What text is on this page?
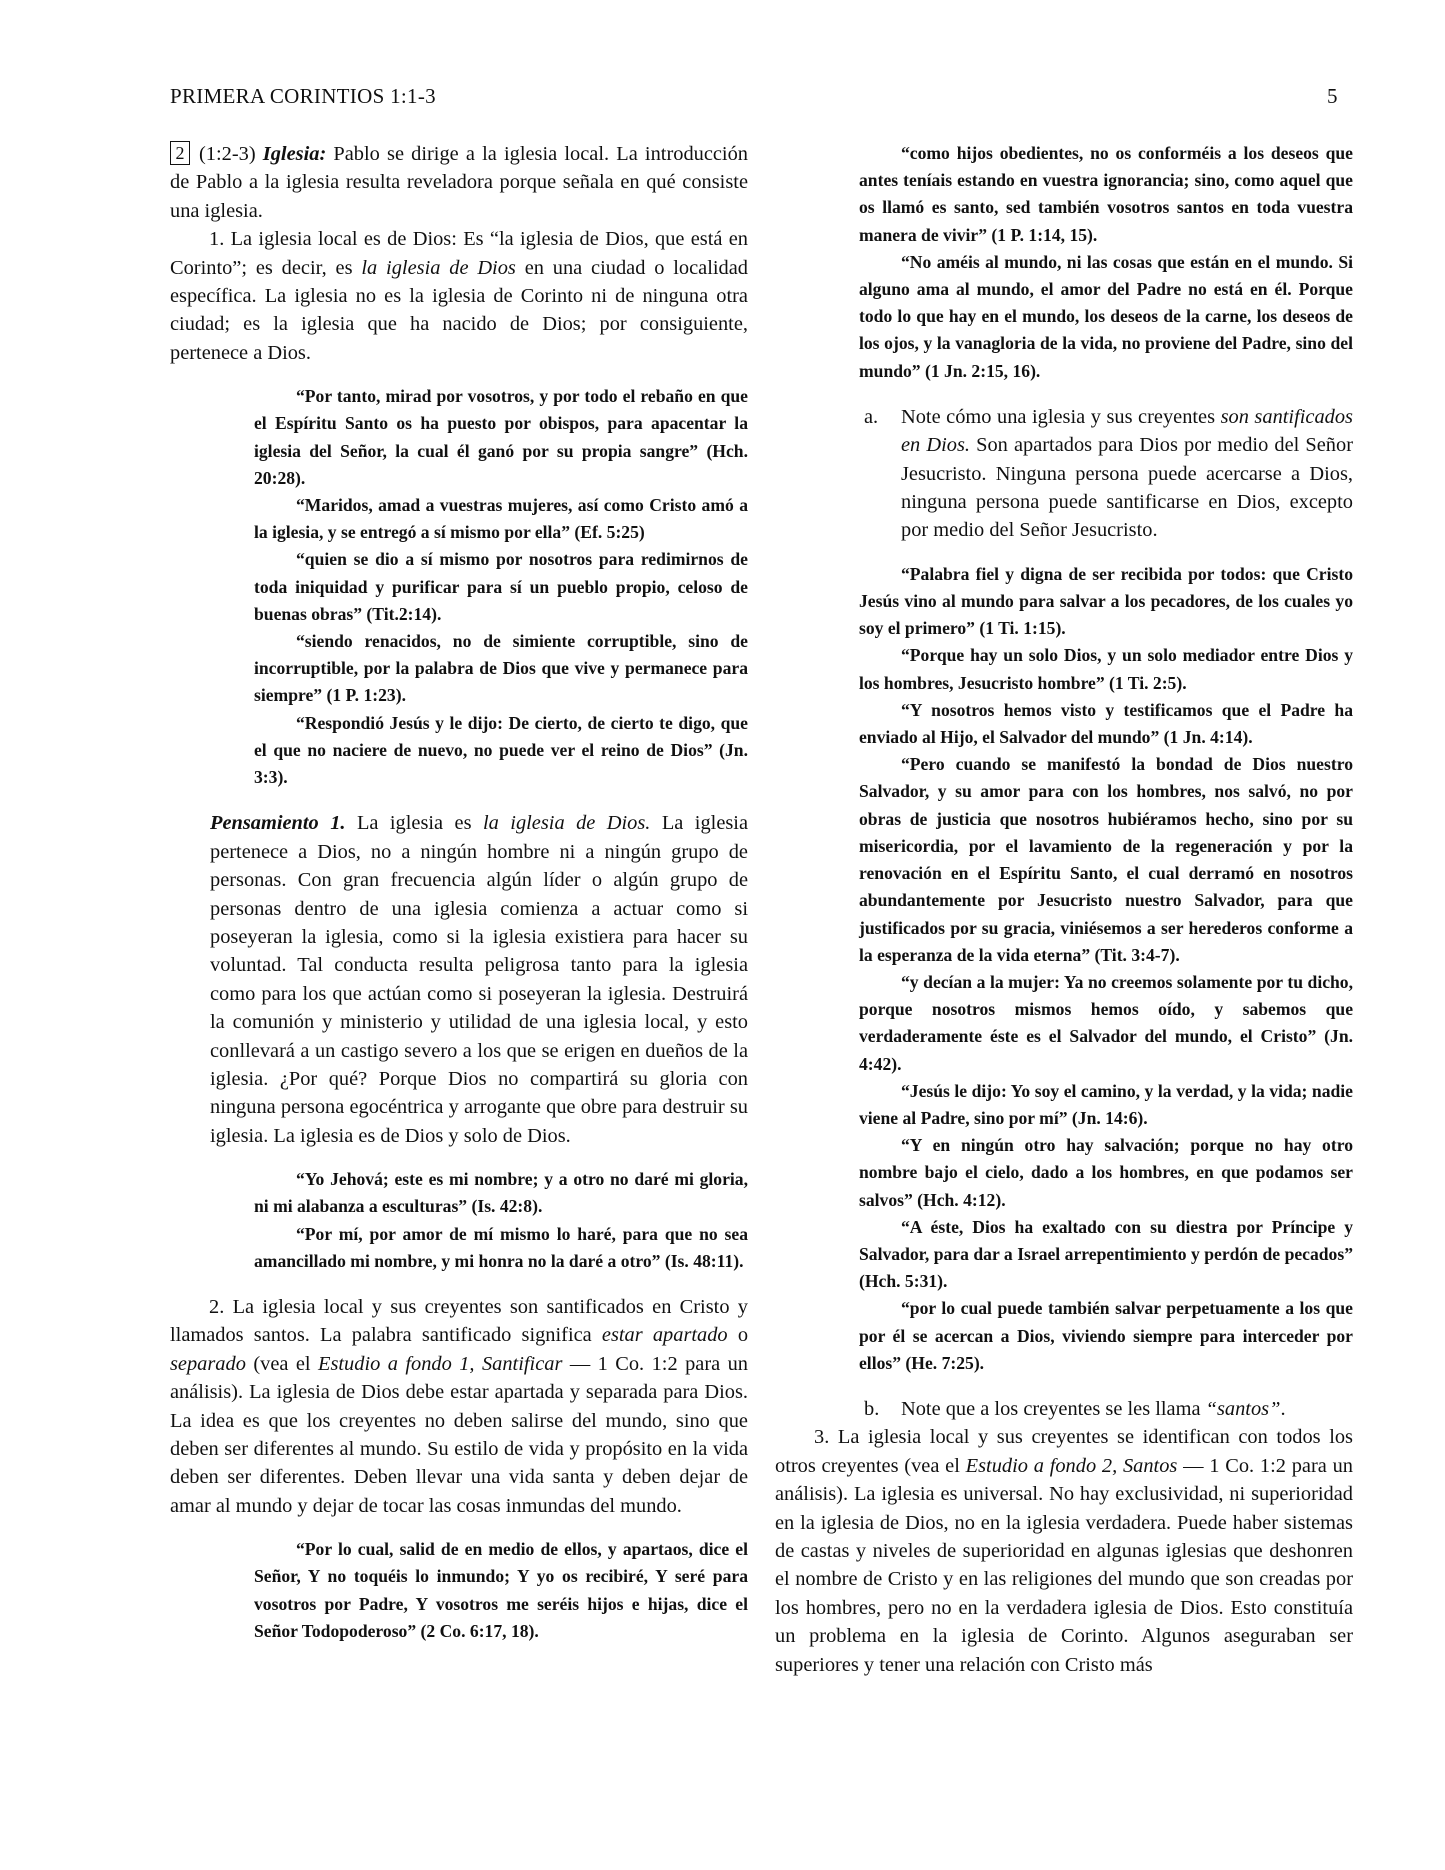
PRIMERA CORINTIOS 1:1-3	5

2 (1:2-3) Iglesia: Pablo se dirige a la iglesia local. La introducción de Pablo a la iglesia resulta reveladora porque señala en qué consiste una iglesia.

1. La iglesia local es de Dios: Es “la iglesia de Dios, que está en Corinto”; es decir, es la iglesia de Dios en una ciudad o localidad específica. La iglesia no es la iglesia de Corinto ni de ninguna otra ciudad; es la iglesia que ha nacido de Dios; por consiguiente, pertenece a Dios.

“Por tanto, mirad por vosotros, y por todo el rebaño en que el Espíritu Santo os ha puesto por obispos, para apacentar la iglesia del Señor, la cual él ganó por su propia sangre” (Hch. 20:28).

“Maridos, amad a vuestras mujeres, así como Cristo amó a la iglesia, y se entregó a sí mismo por ella” (Ef. 5:25)

“quien se dio a sí mismo por nosotros para redimirnos de toda iniquidad y purificar para sí un pueblo propio, celoso de buenas obras” (Tit.2:14).

“siendo renacidos, no de simiente corruptible, sino de incorruptible, por la palabra de Dios que vive y permanece para siempre” (1 P. 1:23).

“Respondió Jesús y le dijo: De cierto, de cierto te digo, que el que no naciere de nuevo, no puede ver el reino de Dios” (Jn. 3:3).

Pensamiento 1. La iglesia es la iglesia de Dios. La iglesia pertenece a Dios, no a ningún hombre ni a ningún grupo de personas. Con gran frecuencia algún líder o algún grupo de personas dentro de una iglesia comienza a actuar como si poseyeran la iglesia, como si la iglesia existiera para hacer su voluntad. Tal conducta resulta peligrosa tanto para la iglesia como para los que actúan como si poseyeran la iglesia. Destruirá la comunión y ministerio y utilidad de una iglesia local, y esto conllevará a un castigo severo a los que se erigen en dueños de la iglesia. ¿Por qué? Porque Dios no compartirá su gloria con ninguna persona egocéntrica y arrogante que obre para destruir su iglesia. La iglesia es de Dios y solo de Dios.

“Yo Jehová; este es mi nombre; y a otro no daré mi gloria, ni mi alabanza a esculturas” (Is. 42:8).

“Por mí, por amor de mí mismo lo haré, para que no sea amancillado mi nombre, y mi honra no la daré a otro” (Is. 48:11).

2. La iglesia local y sus creyentes son santificados en Cristo y llamados santos. La palabra santificado significa estar apartado o separado (vea el Estudio a fondo 1, Santificar — 1 Co. 1:2 para un análisis). La iglesia de Dios debe estar apartada y separada para Dios. La idea es que los creyentes no deben salirse del mundo, sino que deben ser diferentes al mundo. Su estilo de vida y propósito en la vida deben ser diferentes. Deben llevar una vida santa y deben dejar de amar al mundo y dejar de tocar las cosas inmundas del mundo.

“Por lo cual, salid de en medio de ellos, y apartaos, dice el Señor, Y no toquéis lo inmundo; Y yo os recibiré, Y seré para vosotros por Padre, Y vosotros me seréis hijos e hijas, dice el Señor Todopoderoso” (2 Co. 6:17, 18).

“como hijos obedientes, no os conforméis a los deseos que antes teníais estando en vuestra ignorancia; sino, como aquel que os llamó es santo, sed también vosotros santos en toda vuestra manera de vivir” (1 P. 1:14, 15).

“No améis al mundo, ni las cosas que están en el mundo. Si alguno ama al mundo, el amor del Padre no está en él. Porque todo lo que hay en el mundo, los deseos de la carne, los deseos de los ojos, y la vanagloria de la vida, no proviene del Padre, sino del mundo” (1 Jn. 2:15, 16).

a. Note cómo una iglesia y sus creyentes son santificados en Dios. Son apartados para Dios por medio del Señor Jesucristo. Ninguna persona puede acercarse a Dios, ninguna persona puede santificarse en Dios, excepto por medio del Señor Jesucristo.

“Palabra fiel y digna de ser recibida por todos: que Cristo Jesús vino al mundo para salvar a los pecadores, de los cuales yo soy el primero” (1 Ti. 1:15).

“Porque hay un solo Dios, y un solo mediador entre Dios y los hombres, Jesucristo hombre” (1 Ti. 2:5).

“Y nosotros hemos visto y testificamos que el Padre ha enviado al Hijo, el Salvador del mundo” (1 Jn. 4:14).

“Pero cuando se manifestó la bondad de Dios nuestro Salvador, y su amor para con los hombres, nos salvó, no por obras de justicia que nosotros hubiéramos hecho, sino por su misericordia, por el lavamiento de la regeneración y por la renovación en el Espíritu Santo, el cual derramó en nosotros abundantemente por Jesucristo nuestro Salvador, para que justificados por su gracia, viniésemos a ser herederos conforme a la esperanza de la vida eterna” (Tit. 3:4-7).

“y decían a la mujer: Ya no creemos solamente por tu dicho, porque nosotros mismos hemos oído, y sabemos que verdaderamente éste es el Salvador del mundo, el Cristo” (Jn. 4:42).

“Jesús le dijo: Yo soy el camino, y la verdad, y la vida; nadie viene al Padre, sino por mí” (Jn. 14:6).

“Y en ningún otro hay salvación; porque no hay otro nombre bajo el cielo, dado a los hombres, en que podamos ser salvos” (Hch. 4:12).

“A éste, Dios ha exaltado con su diestra por Príncipe y Salvador, para dar a Israel arrepentimiento y perdón de pecados” (Hch. 5:31).

“por lo cual puede también salvar perpetuamente a los que por él se acercan a Dios, viviendo siempre para interceder por ellos” (He. 7:25).

b. Note que a los creyentes se les llama “santos”.

3. La iglesia local y sus creyentes se identifican con todos los otros creyentes (vea el Estudio a fondo 2, Santos — 1 Co. 1:2 para un análisis). La iglesia es universal. No hay exclusividad, ni superioridad en la iglesia de Dios, no en la iglesia verdadera. Puede haber sistemas de castas y niveles de superioridad en algunas iglesias que deshonren el nombre de Cristo y en las religiones del mundo que son creadas por los hombres, pero no en la verdadera iglesia de Dios. Esto constituía un problema en la iglesia de Corinto. Algunos aseguraban ser superiores y tener una relación con Cristo más
